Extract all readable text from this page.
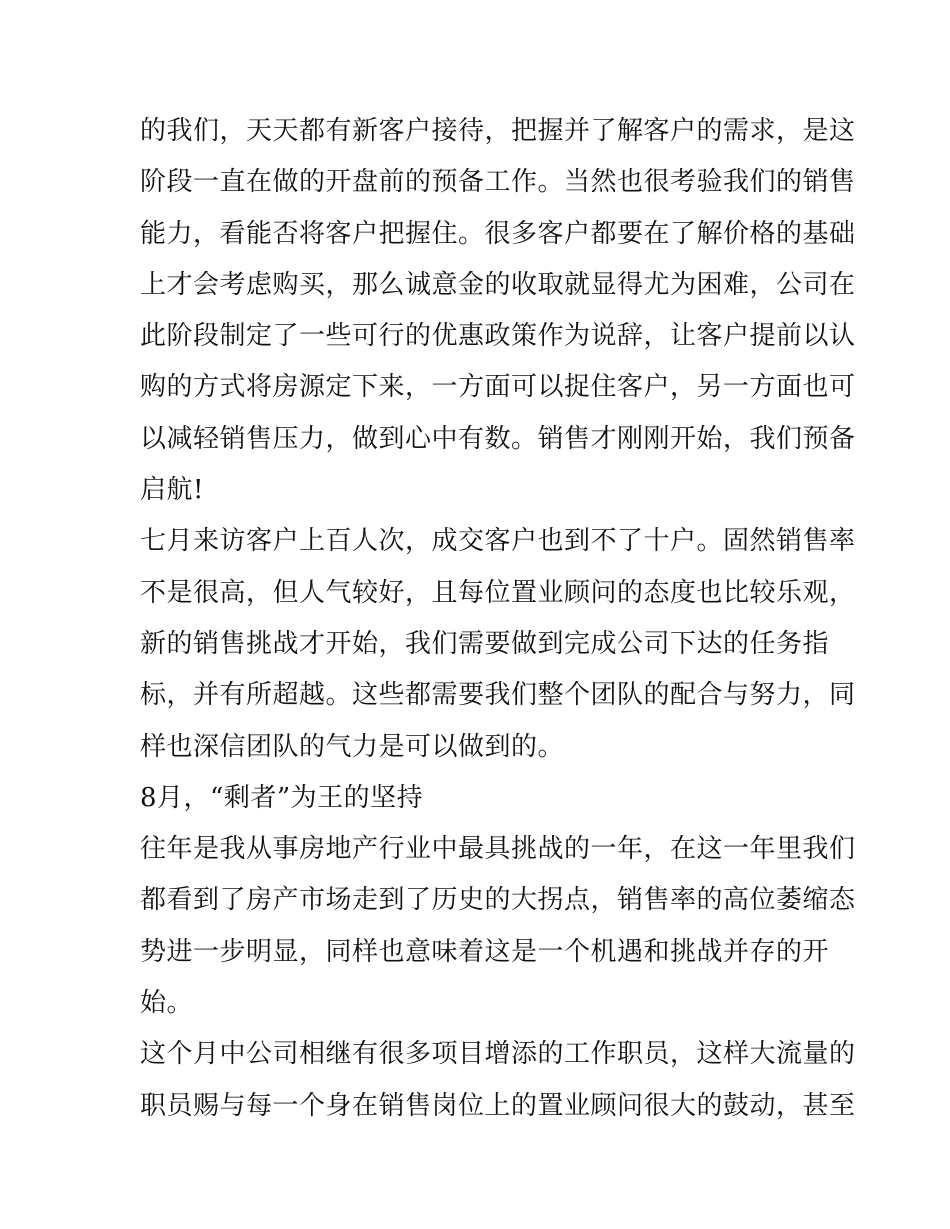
的我们，天天都有新客户接待，把握并了解客户的需求，是这
阶段一直在做的开盘前的预备工作。当然也很考验我们的销售
能力，看能否将客户把握住。很多客户都要在了解价格的基础
上才会考虑购买，那么诚意金的收取就显得尤为困难，公司在
此阶段制定了一些可行的优惠政策作为说辞，让客户提前以认
购的方式将房源定下来，一方面可以捉住客户，另一方面也可
以减轻销售压力，做到心中有数。销售才刚刚开始，我们预备
启航!
七月来访客户上百人次，成交客户也到不了十户。固然销售率
不是很高，但人气较好，且每位置业顾问的态度也比较乐观，
新的销售挑战才开始，我们需要做到完成公司下达的任务指
标，并有所超越。这些都需要我们整个团队的配合与努力，同
样也深信团队的气力是可以做到的。
8月，“剩者”为王的坚持
往年是我从事房地产行业中最具挑战的一年，在这一年里我们
都看到了房产市场走到了历史的大拐点，销售率的高位萎缩态
势进一步明显，同样也意味着这是一个机遇和挑战并存的开
始。
这个月中公司相继有很多项目增添的工作职员，这样大流量的
职员赐与每一个身在销售岗位上的置业顾问很大的鼓动，甚至
